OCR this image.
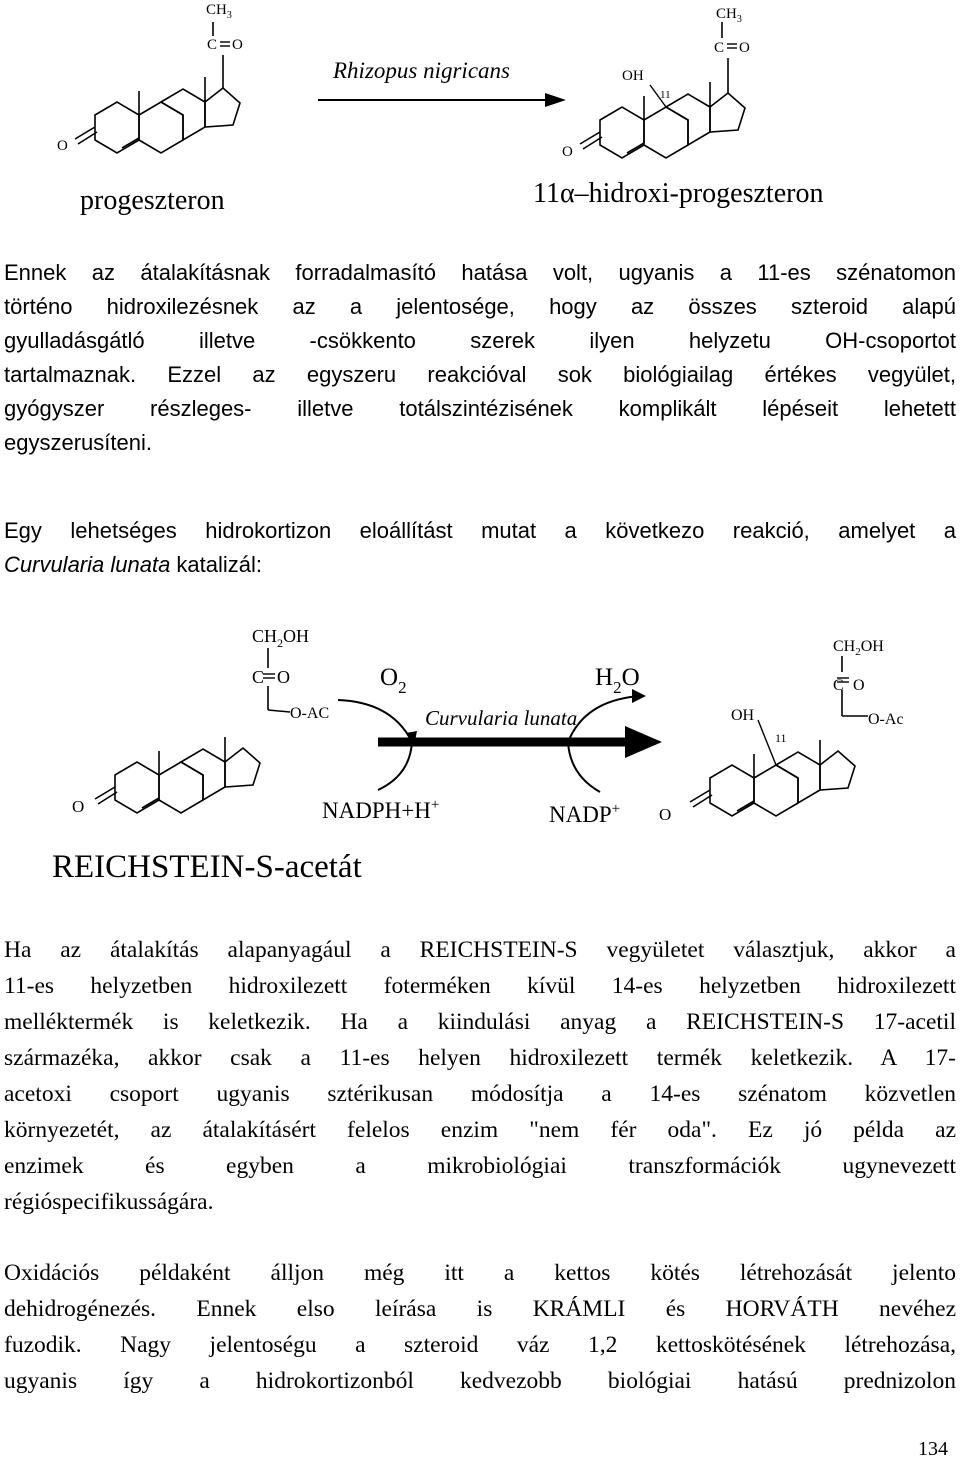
$CH_3$
C O
O
Rhizopus nigricans
$CH_3$
C O
OH
11
O
progeszteron	11α–hidroxi-progeszteron
$CH_2OH$
C O
O-AC
O
$O_2$	$H_2O$
Curvularia lunata
NADPH+H+	NADP+
$CH_2OH$
C O
O-Ac
OH
11
O
REICHSTEIN-S-acetát
Ennek az átalakításnak forradalmasító hatása volt, ugyanis a 11-es szénatomon
történo hidroxilezésnek az a jelentosége, hogy az összes szteroid alapú
gyulladásgátló illetve -csökkento szerek ilyen helyzetu OH-csoportot
tartalmaznak. Ezzel az egyszeru reakcióval sok biológiailag értékes vegyület,
gyógyszer részleges- illetve totálszintézisének komplikált lépéseit lehetett
egyszerusíteni.
Egy lehetséges hidrokortizon eloállítást mutat a következo reakció, amelyet a
Curvularia lunata katalizál:
Ha az átalakítás alapanyagául a REICHSTEIN-S vegyületet választjuk, akkor a
11-es helyzetben hidroxilezett foterméken kívül 14-es helyzetben hidroxilezett
melléktermék is keletkezik. Ha a kiindulási anyag a REICHSTEIN-S 17-acetil
származéka, akkor csak a 11-es helyen hidroxilezett termék keletkezik. A 17-
acetoxi csoport ugyanis sztérikusan módosítja a 14-es szénatom közvetlen
környezetét, az átalakításért felelos enzim "nem fér oda". Ez jó példa az
enzimek és egyben a mikrobiológiai transzformációk ugynevezett
régióspecifikusságára.
Oxidációs példaként álljon még itt a kettos kötés létrehozását jelento
dehidrogénezés. Ennek elso leírása is KRÁMLI és HORVÁTH nevéhez
fuzodik. Nagy jelentoségu a szteroid váz 1,2 kettoskötésének létrehozása,
ugyanis így a hidrokortizonból kedvezobb biológiai hatású prednizolon
134
